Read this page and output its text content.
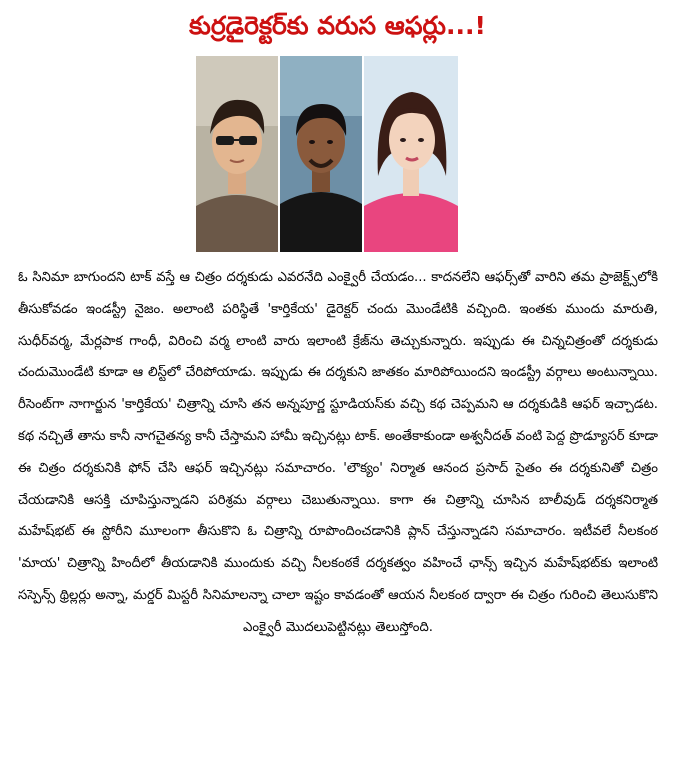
కుర్రడైరెక్టర్‌కు వరుస ఆఫర్లు...!
ఓ సినిమా బాగుందని టాక్ వస్తే ఆ చిత్రం దర్శకుడు ఎవరనేది ఎంక్వైరీ చేయడం... కాదనలేని ఆఫర్స్‌తో వారిని తమ ప్రాజెక్ట్స్‌లోకి తీసుకోవడం ఇండస్ట్రీ నైజం. అలాంటి పరిస్థితే 'కార్తికేయ' డైరెక్టర్ చందు మొండేటికి వచ్చింది. ఇంతకు ముందు మారుతి, సుధీర్‌వర్మ, మేర్లపాక గాంధీ, విరించి వర్మ లాంటి వారు ఇలాంటి క్రేజ్‌ను తెచ్చుకున్నారు. ఇప్పుడు ఈ చిన్నచిత్రంతో దర్శకుడు చందుమొండేటి కూడా ఆ లిస్ట్‌లో చేరిపోయాడు. ఇప్పుడు ఈ దర్శకుని జాతకం మారిపోయిందని ఇండస్ట్రీ వర్గాలు అంటున్నాయి. రీసెంట్‌గా నాగార్జున 'కార్తికేయ' చిత్రాన్ని చూసి తన అన్నపూర్ణ స్టూడియస్‌కు వచ్చి కథ చెప్పమని ఆ దర్శకుడికి ఆఫర్ ఇచ్చాడట. కథ నచ్చితే తాను కానీ నాగచైతన్య కానీ చేస్తామని హామీ ఇచ్చినట్లు టాక్. అంతేకాకుండా అశ్వనీదత్ వంటి పెద్ద ప్రొడ్యూసర్ కూడా ఈ చిత్రం దర్శకునికి ఫోన్ చేసి ఆఫర్ ఇచ్చినట్లు సమాచారం. 'లౌక్యం' నిర్మాత ఆనంద ప్రసాద్ సైతం ఈ దర్శకునితో చిత్రం చేయడానికి ఆసక్తి చూపిస్తున్నాడని పరిశ్రమ వర్గాలు చెబుతున్నాయి. కాగా ఈ చిత్రాన్ని చూసిన బాలీవుడ్ దర్శకనిర్మాత మహేష్‌భట్ ఈ స్టోరీని మూలంగా తీసుకొని ఓ చిత్రాన్ని రూపొందించడానికి ప్లాన్ చేస్తున్నాడని సమాచారం. ఇటీవలే నీలకంఠ 'మాయ' చిత్రాన్ని హిందీలో తీయడానికి ముందుకు వచ్చి నీలకంఠకే దర్శకత్వం వహించే ఛాన్స్ ఇచ్చిన మహేష్‌భట్‌కు ఇలాంటి సస్పెన్స్ థ్రిల్లర్లు అన్నా, మర్డర్ మిస్టరీ సినిమాలన్నా చాలా ఇష్టం కావడంతో ఆయన నీలకంఠ ద్వారా ఈ చిత్రం గురించి తెలుసుకొని ఎంక్వైరీ మొదలుపెట్టినట్లు తెలుస్తోంది.
